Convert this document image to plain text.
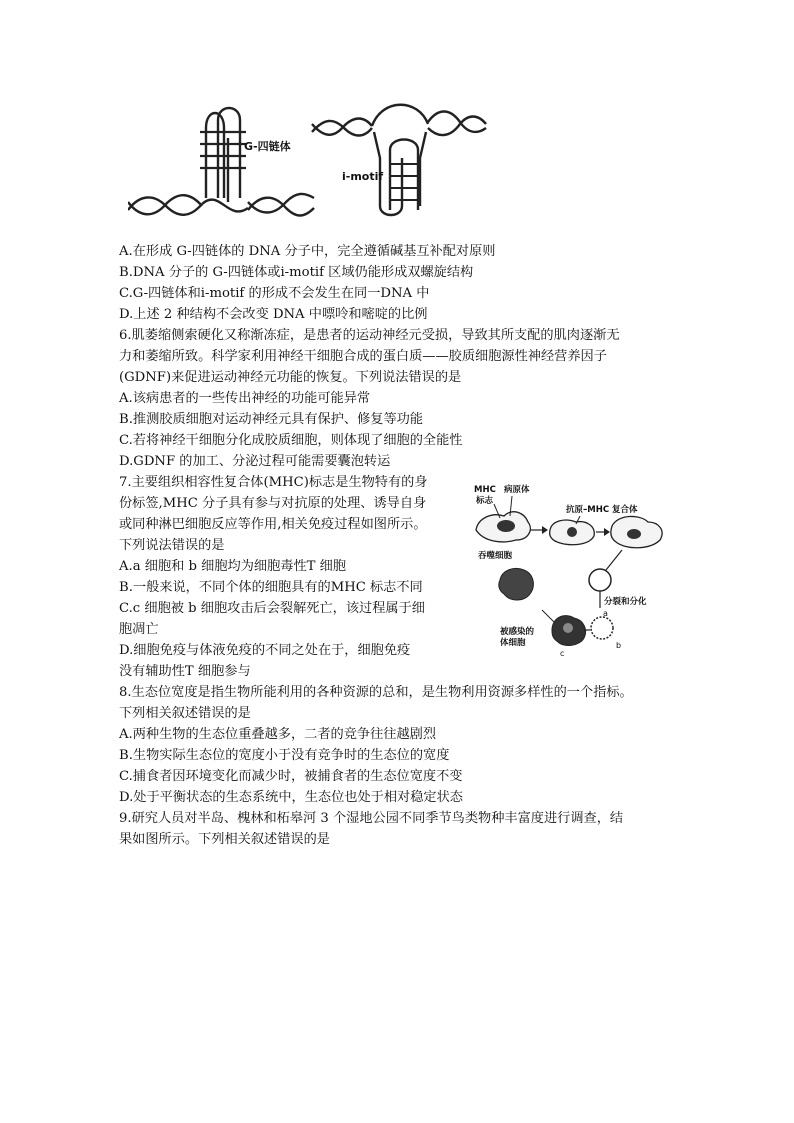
G-四链体
i-motif
A.在形成 G-四链体的 DNA 分子中，完全遵循碱基互补配对原则
B.DNA 分子的 G-四链体或i-motif 区域仍能形成双螺旋结构
C.G-四链体和i-motif 的形成不会发生在同一DNA 中
D.上述 2 种结构不会改变 DNA 中嘌呤和嘧啶的比例
6.肌萎缩侧索硬化又称渐冻症，是患者的运动神经元受损，导致其所支配的肌肉逐渐无
力和萎缩所致。科学家利用神经干细胞合成的蛋白质——胶质细胞源性神经营养因子
(GDNF)来促进运动神经元功能的恢复。下列说法错误的是
A.该病患者的一些传出神经的功能可能异常
B.推测胶质细胞对运动神经元具有保护、修复等功能
C.若将神经干细胞分化成胶质细胞，则体现了细胞的全能性
D.GDNF 的加工、分泌过程可能需要囊泡转运
7.主要组织相容性复合体(MHC)标志是生物特有的身
份标签,MHC 分子具有参与对抗原的处理、诱导自身
或同种淋巴细胞反应等作用,相关免疫过程如图所示。
下列说法错误的是
A.a 细胞和 b 细胞均为细胞毒性T 细胞
B.一般来说，不同个体的细胞具有的MHC 标志不同
C.c 细胞被 b 细胞攻击后会裂解死亡，该过程属于细
胞凋亡
D.细胞免疫与体液免疫的不同之处在于，细胞免疫
没有辅助性T 细胞参与
MHC
标志
病原体
抗原–MHC 复合体
吞噬细胞
分裂和分化
a
b
被感染的
体细胞
c
8.生态位宽度是指生物所能利用的各种资源的总和，是生物利用资源多样性的一个指标。
下列相关叙述错误的是
A.两种生物的生态位重叠越多，二者的竞争往往越剧烈
B.生物实际生态位的宽度小于没有竞争时的生态位的宽度
C.捕食者因环境变化而减少时，被捕食者的生态位宽度不变
D.处于平衡状态的生态系统中，生态位也处于相对稳定状态
9.研究人员对半岛、槐林和柘皋河 3 个湿地公园不同季节鸟类物种丰富度进行调查，结
果如图所示。下列相关叙述错误的是
